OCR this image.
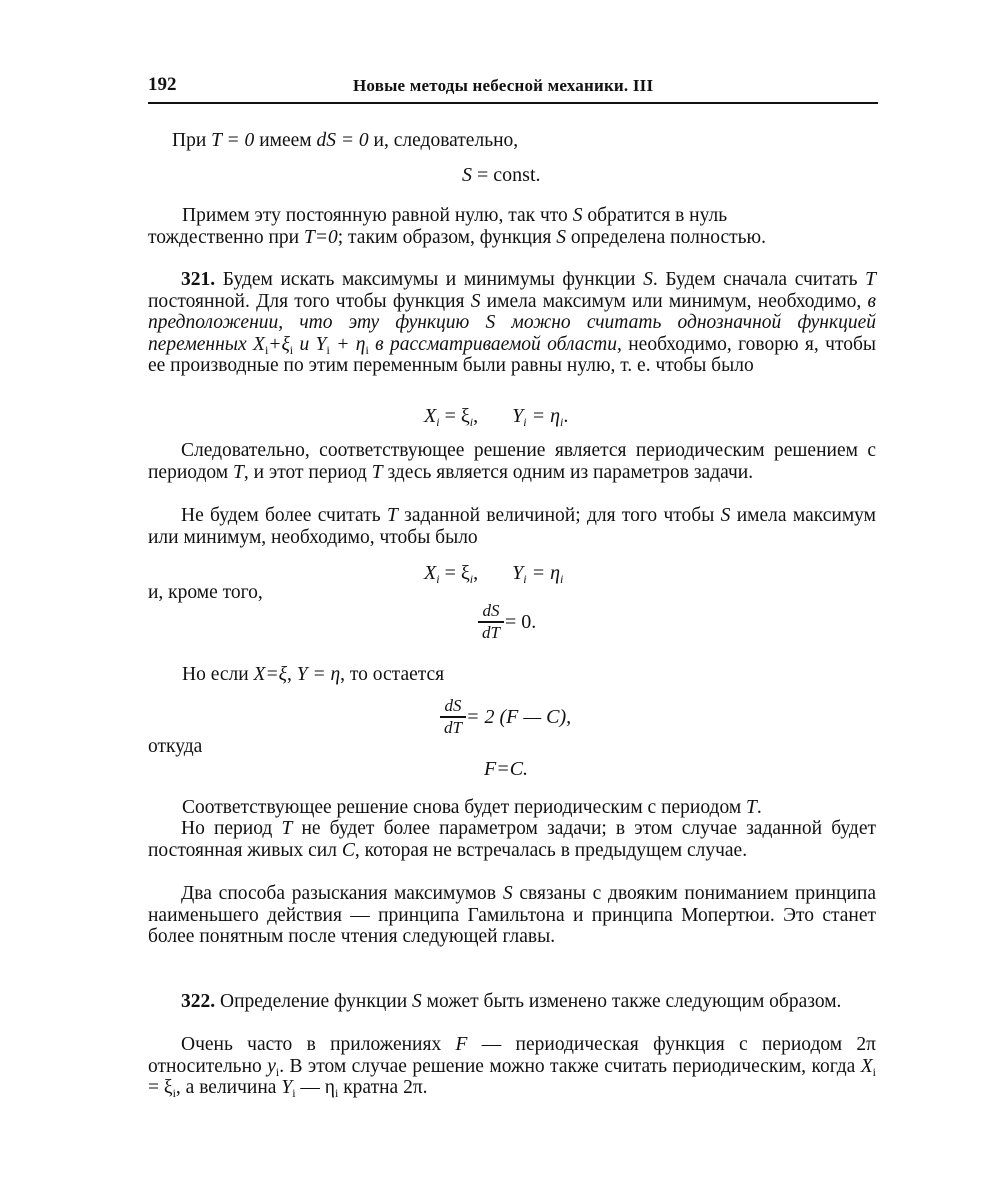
192	Новые методы небесной механики. III
При T = 0 имеем dS = 0 и, следовательно,
S = const.
Примем эту постоянную равной нулю, так что S обратится в нуль
тождественно при T=0; таким образом, функция S определена полностью.
321. Будем искать максимумы и минимумы функции S. Будем сначала считать T постоянной. Для того чтобы функция S имела максимум или минимум, необходимо, в предположении, что эту функцию S можно считать однозначной функцией переменных $X_i+\xi_i$ и $Y_i + \eta_i$ в рассматриваемой области, необходимо, говорю я, чтобы ее производные по этим переменным были равны нулю, т. е. чтобы было
$X_i = \xi_i$, $Y_i = \eta_i$.
Следовательно, соответствующее решение является периодическим решением с периодом T, и этот период T здесь является одним из параметров задачи.
Не будем более считать T заданной величиной; для того чтобы S имела максимум или минимум, необходимо, чтобы было
$X_i = \xi_i$, $Y_i = \eta_i$
и, кроме того,
dS
dT = 0.
Но если X=ξ, Y = η, то остается
dS
dT = 2 (F — C),
откуда
F=C.
Соответствующее решение снова будет периодическим с периодом T.
Но период T не будет более параметром задачи; в этом случае заданной будет постоянная живых сил C, которая не встречалась в предыдущем случае.
Два способа разыскания максимумов S связаны с двояким пониманием принципа наименьшего действия — принципа Гамильтона и принципа Мопертюи. Это станет более понятным после чтения следующей главы.
322. Определение функции S может быть изменено также следующим образом.
Очень часто в приложениях F — периодическая функция с периодом 2π относительно $y_i$. В этом случае решение можно также считать периодическим, когда $X_i = \xi_i$, а величина $Y_i$ — $\eta_i$ кратна 2π.
